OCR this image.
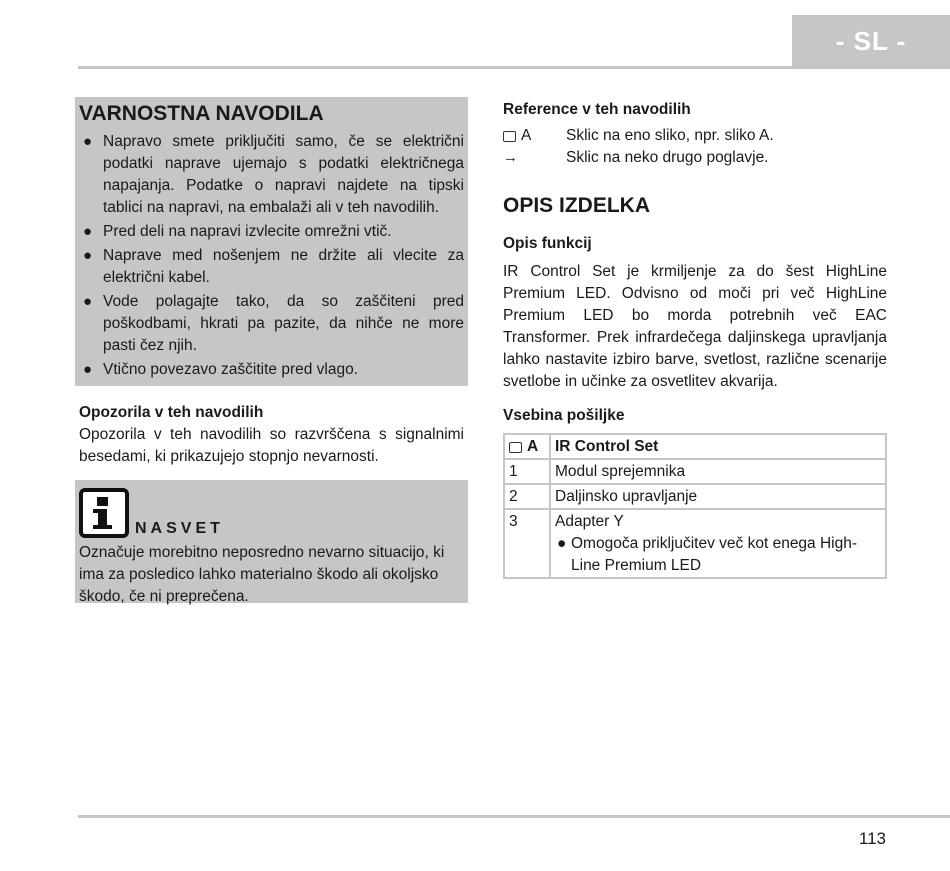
- SL -
VARNOSTNA NAVODILA
● Napravo smete priključiti samo, če se električni podatki naprave ujemajo s podatki električnega napajanja. Podatke o napravi najdete na tipski tablici na napravi, na embalaži ali v teh navodilih.
● Pred deli na napravi izvlecite omrežni vtič.
● Naprave med nošenjem ne držite ali vlecite za električni kabel.
● Vode polagajte tako, da so zaščiteni pred poškodbami, hkrati pa pazite, da nihče ne more pasti čez njih.
● Vtično povezavo zaščitite pred vlago.

Opozorila v teh navodilih

Opozorila v teh navodilih so razvrščena s signalnimi besedami, ki prikazujejo stopnjo nevarnosti.

NASVET
Označuje morebitno neposredno nevarno situacijo, ki ima za posledico lahko materialno škodo ali okoljsko škodo, če ni preprečena.

Reference v teh navodilih

A Sklic na eno sliko, npr. sliko A.
→	Sklic na neko drugo poglavje.
OPIS IZDELKA

Opis funkcij

IR Control Set je krmiljenje za do šest HighLine Premium LED. Odvisno od moči pri več HighLine Premium LED bo morda potrebnih več EAC Transformer. Prek infrardečega daljinskega upravljanja lahko nastavite izbiro barve, svetlost, različne scenarije svetlobe in učinke za osvetlitev akvarija.

Vsebina pošiljke

A	IR Control Set

1	Modul sprejemnika
2	Daljinsko upravljanje
3	Adapter Y
● Omogoča priključitev več kot enega High-Line Premium LED
113
